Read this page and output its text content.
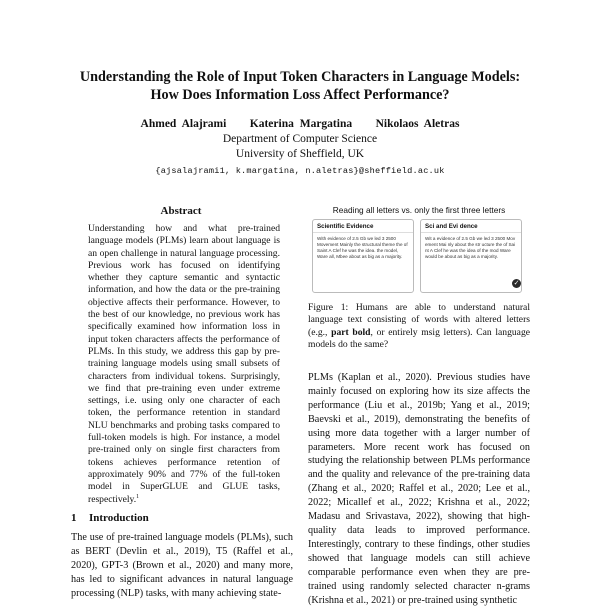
Understanding the Role of Input Token Characters in Language Models:
How Does Information Loss Affect Performance?
Ahmed Alajrami    Katerina Margatina    Nikolaos Aletras
Department of Computer Science
University of Sheffield, UK
{ajsalajrami1, k.margatina, n.aletras}@sheffield.ac.uk
Abstract
Understanding how and what pre-trained language models (PLMs) learn about language is an open challenge in natural language processing. Previous work has focused on identifying whether they capture semantic and syntactic information, and how the data or the pre-training objective affects their performance. However, to the best of our knowledge, no previous work has specifically examined how information loss in input token characters affects the performance of PLMs. In this study, we address this gap by pre-training language models using small subsets of characters from individual tokens. Surprisingly, we find that pre-training even under extreme settings, i.e. using only one character of each token, the performance retention in standard NLU benchmarks and probing tasks compared to full-token models is high. For instance, a model pre-trained only on single first characters from tokens achieves performance retention of approximately 90% and 77% of the full-token model in SuperGLUE and GLUE tasks, respectively.$^1$
1 Introduction
The use of pre-trained language models (PLMs), such as BERT (Devlin et al., 2019), T5 (Raffel et al., 2020), GPT-3 (Brown et al., 2020) and many more, has led to significant advances in natural language processing (NLP) tasks, with many achieving state-
Reading all letters vs. only the first three letters
Scientific Evidence
With evidence of 2.5 Gb we led 3 2500 Movement Mainly the structural theme the of Saint A Clef he was the idea. the model, Ware all, Mbee about as big as a majority.
Sci and Evi dence
Wit a evidence of 2.5 Gb we led 3 2500 Mov ement Mai nly about the str ucture the of Sai nt A Clef he was the idea of the mod Ware would be about as big as a majority.
✓
Figure 1: Humans are able to understand natural language text consisting of words with altered letters (e.g., part bold, or entirely msig letters). Can language models do the same?
PLMs (Kaplan et al., 2020). Previous studies have mainly focused on exploring how its size affects the performance (Liu et al., 2019b; Yang et al., 2019; Baevski et al., 2019), demonstrating the benefits of using more data together with a larger number of parameters. More recent work has focused on studying the relationship between PLMs performance and the quality and relevance of the pre-training data (Zhang et al., 2020; Raffel et al., 2020; Lee et al., 2022; Micallef et al., 2022; Krishna et al., 2022; Madasu and Srivastava, 2022), showing that high-quality data leads to improved performance. Interestingly, contrary to these findings, other studies showed that language models can still achieve comparable performance even when they are pre-trained using randomly selected character n-grams (Krishna et al., 2021) or pre-trained using synthetic
